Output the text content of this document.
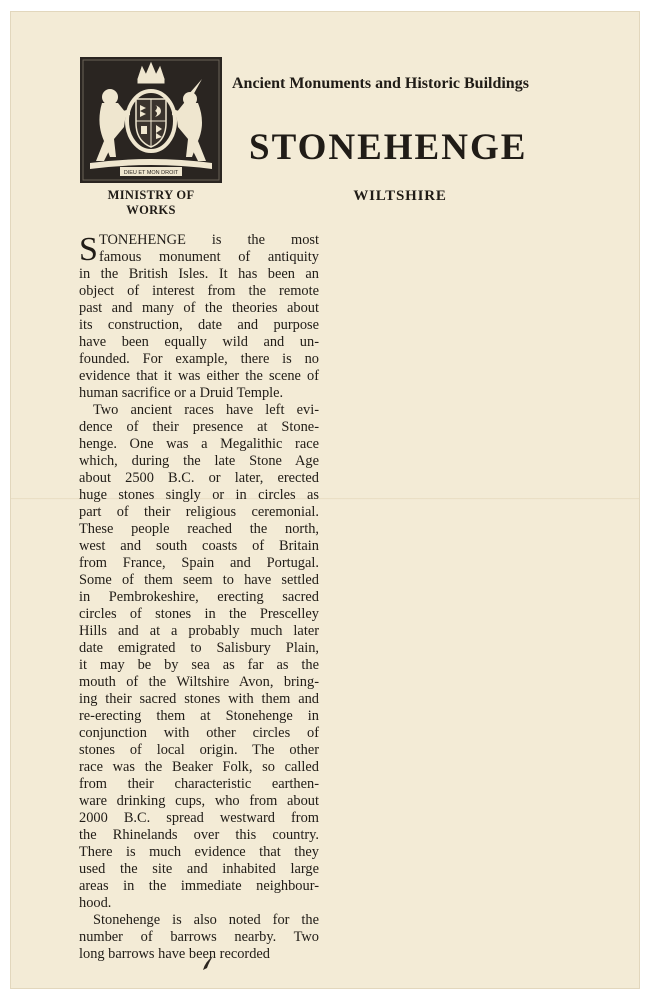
DIEU ET MON DROIT
MINISTRY OF
WORKS
Ancient Monuments and Historic Buildings
STONEHENGE
WILTSHIRE
S TONEHENGE is the most
famous monument of antiquity
in the British Isles. It has been an
object of interest from the remote
past and many of the theories about
its construction, date and purpose
have been equally wild and un-
founded. For example, there is no
evidence that it was either the scene of
human sacrifice or a Druid Temple.
Two ancient races have left evi-
dence of their presence at Stone-
henge. One was a Megalithic race
which, during the late Stone Age
about 2500 B.C. or later, erected
huge stones singly or in circles as
part of their religious ceremonial.
These people reached the north,
west and south coasts of Britain
from France, Spain and Portugal.
Some of them seem to have settled
in Pembrokeshire, erecting sacred
circles of stones in the Prescelley
Hills and at a probably much later
date emigrated to Salisbury Plain,
it may be by sea as far as the
mouth of the Wiltshire Avon, bring-
ing their sacred stones with them and
re-erecting them at Stonehenge in
conjunction with other circles of
stones of local origin. The other
race was the Beaker Folk, so called
from their characteristic earthen-
ware drinking cups, who from about
2000 B.C. spread westward from
the Rhinelands over this country.
There is much evidence that they
used the site and inhabited large
areas in the immediate neighbour-
hood.
Stonehenge is also noted for the
number of barrows nearby. Two
long barrows have been recorded
